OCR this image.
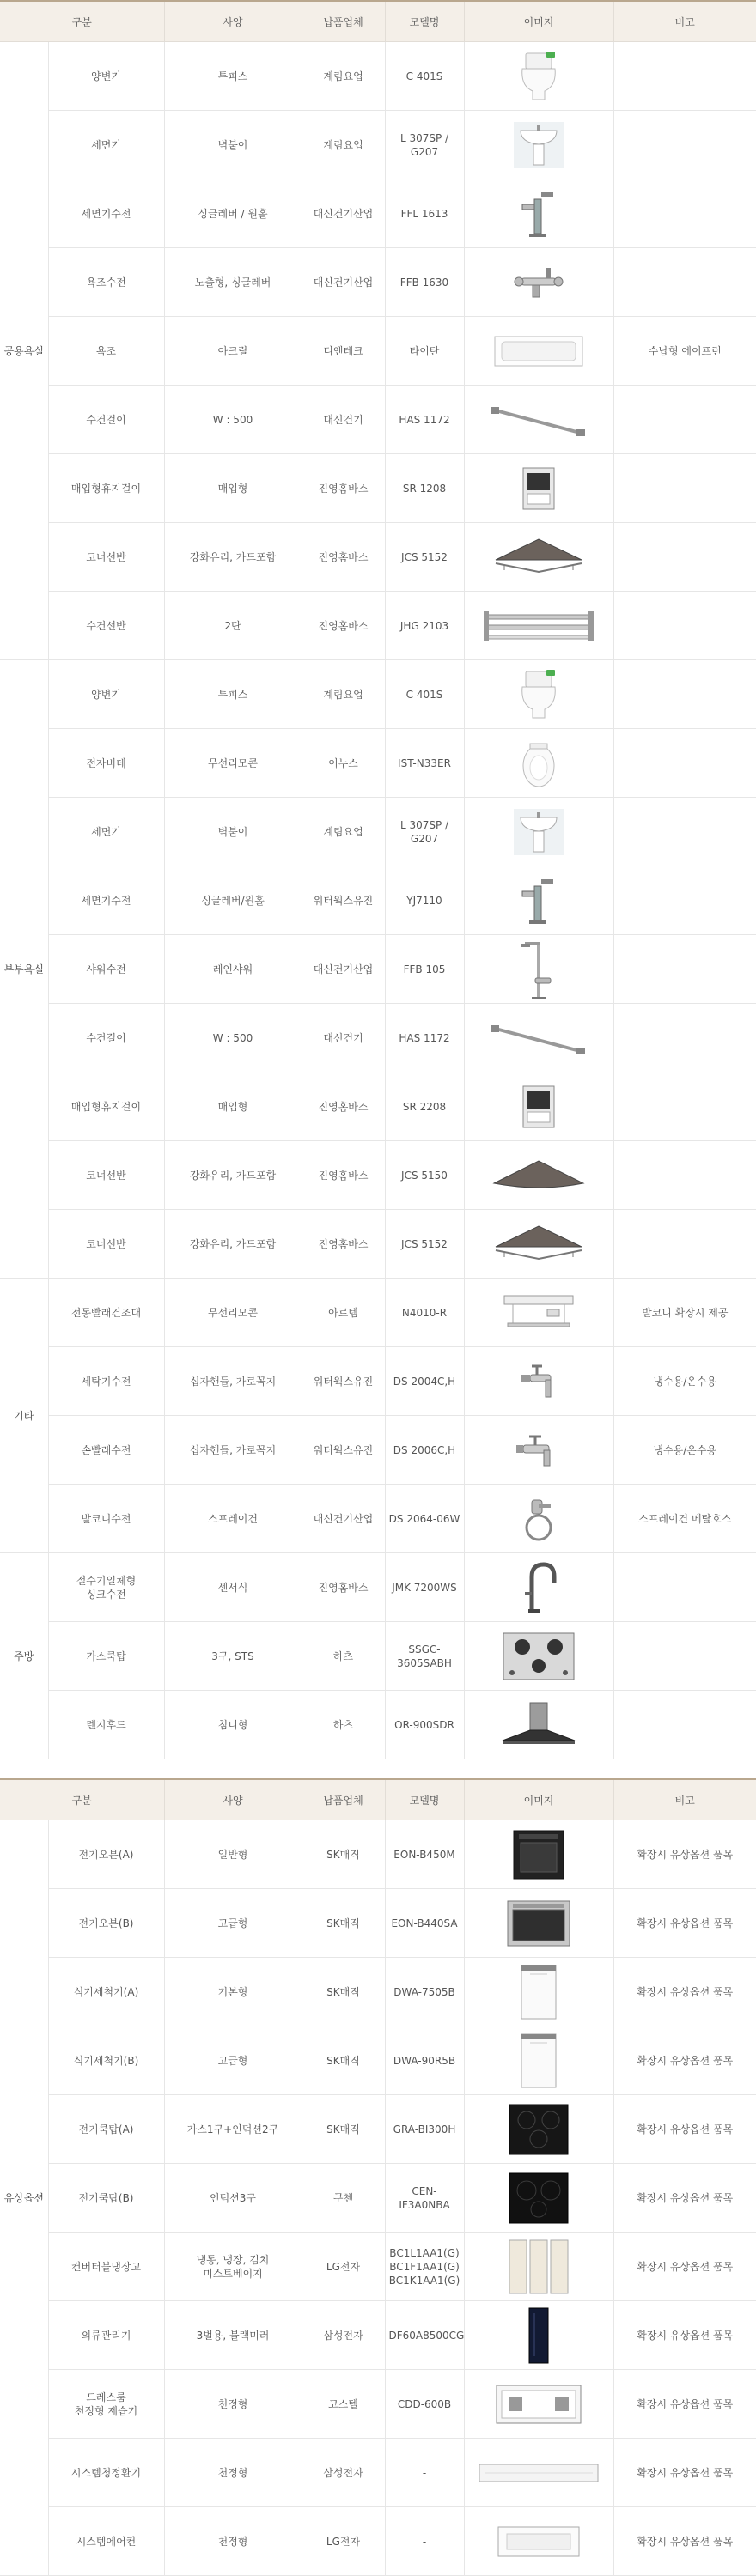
구분		사양	납품업체	모델명	이미지	비고
공용욕실	양변기	투피스	계림요업	C 401S	

	세면기	벽붙이	계림요업	L 307SP / G207	

	세면기수전	싱글레버 / 원홀	대신건기산업	FFL 1613	

	욕조수전	노출형, 싱글레버	대신건기산업	FFB 1630	

	욕조	아크릴	디엔테크	타이탄		수납형 에이프런
	수건걸이	W : 500	대신건기	HAS 1172	

	매입형휴지걸이	매입형	진영홈바스	SR 1208	

	코너선반	강화유리, 가드포함	진영홈바스	JCS 5152	

	수건선반	2단	진영홈바스	JHG 2103	

부부욕실	양변기	투피스	계림요업	C 401S	

	전자비데	무선리모콘	이누스	IST-N33ER	

	세면기	벽붙이	계림요업	L 307SP / G207	

	세면기수전	싱글레버/원홀	워터웍스유진	YJ7110	

	샤워수전	레인샤워	대신건기산업	FFB 105	

	수건걸이	W : 500	대신건기	HAS 1172	

	매입형휴지걸이	매입형	진영홈바스	SR 2208	

	코너선반	강화유리, 가드포함	진영홈바스	JCS 5150	

	코너선반	강화유리, 가드포함	진영홈바스	JCS 5152	

기타	전동빨래건조대	무선리모콘	아르템	N4010-R		발코니 확장시 제공
	세탁기수전	십자핸들, 가로꼭지	워터웍스유진	DS 2004C,H		냉수용/온수용
	손빨래수전	십자핸들, 가로꼭지	워터웍스유진	DS 2006C,H		냉수용/온수용
	발코니수전	스프레이건	대신건기산업	DS 2064-06W		스프레이건 메탈호스
주방	절수기일체형
싱크수전	센서식	진영홈바스	JMK 7200WS	

	가스쿡탑	3구, STS	하츠	SSGC-
3605SABH	

	렌지후드	침니형	하츠	OR-900SDR	

구분		사양	납품업체	모델명	이미지	비고
유상옵션	전기오븐(A)	일반형	SK매직	EON-B450M		확장시 유상옵션 품목
	전기오븐(B)	고급형	SK매직	EON-B440SA		확장시 유상옵션 품목
	식기세척기(A)	기본형	SK매직	DWA-7505B		확장시 유상옵션 품목
	식기세척기(B)	고급형	SK매직	DWA-90R5B		확장시 유상옵션 품목
	전기쿡탑(A)	가스1구+인덕션2구	SK매직	GRA-BI300H		확장시 유상옵션 품목
	전기쿡탑(B)	인덕션3구	쿠첸	CEN-IF3A0NBA		확장시 유상옵션 품목
	컨버터블냉장고	냉동, 냉장, 김치
미스트베이지	LG전자	BC1L1AA1(G)
BC1F1AA1(G)
BC1K1AA1(G)		확장시 유상옵션 품목
	의류관리기	3벌용, 블랙미러	삼성전자	DF60A8500CG		확장시 유상옵션 품목
	드레스룸
천정형 제습기	천정형	코스텔	CDD-600B		확장시 유상옵션 품목
	시스템청정환기	천정형	삼성전자	-		확장시 유상옵션 품목
	시스템에어컨	천정형	LG전자	-		확장시 유상옵션 품목
